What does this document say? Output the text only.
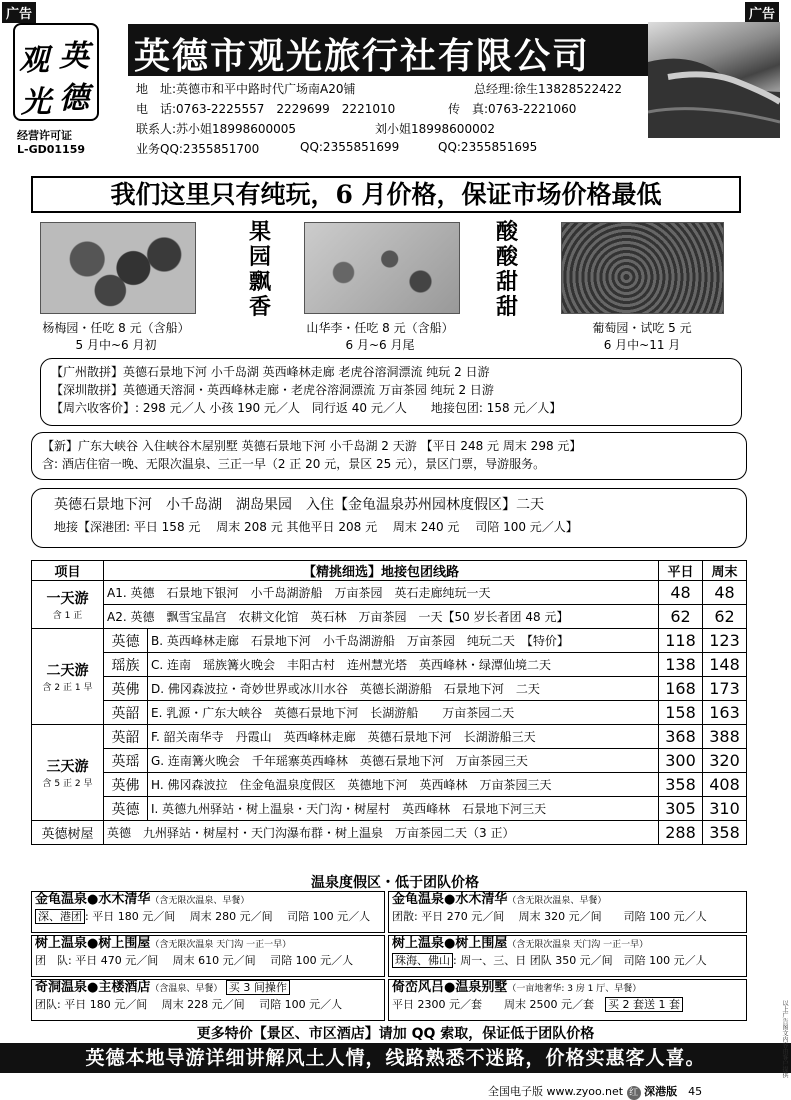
广告	广告
观 英
光 德
经营许可证
L-GD01159
英德市观光旅行社有限公司
地　址:英德市和平中路时代广场南A20铺	总经理:徐生13828522422
电　话:0763-2225557　2229699　2221010	传　真:0763-2221060
联系人:苏小姐18998600005	刘小姐18998600002
业务QQ:2355851700	QQ:2355851699	QQ:2355851695
我们这里只有纯玩，6 月价格，保证市场价格最低
果园飘香
酸酸甜甜
杨梅园・任吃 8 元（含船）
5 月中~6 月初
山华李・任吃 8 元（含船）
6 月~6 月尾
葡萄园・试吃 5 元
6 月中~11 月
【广州散拼】英德石景地下河 小千岛湖 英西峰林走廊 老虎谷溶洞漂流 纯玩 2 日游
【深圳散拼】英德通天溶洞・英西峰林走廊・老虎谷溶洞漂流 万亩茶园 纯玩 2 日游
【周六收客价】: 298 元／人 小孩 190 元／人　同行返 40 元／人　　地接包团: 158 元／人】
【新】广东大峡谷 入住峡谷木屋别墅 英德石景地下河 小千岛湖 2 天游 【平日 248 元 周末 298 元】
含: 酒店住宿一晚、无限次温泉、三正一早（2 正 20 元，景区 25 元），景区门票，导游服务。
英德石景地下河　小千岛湖　湖岛果园　入住【金龟温泉苏州园林度假区】二天
地接【深港团: 平日 158 元　 周末 208 元 其他平日 208 元　 周末 240 元　 司陪 100 元／人】
项目	【精挑细选】地接包团线路		平日	周末
一天游
含 1 正	A1. 英德　石景地下银河　小千岛湖游船　万亩茶园　英石走廊纯玩一天		48	48
	A2. 英德　飘雪宝晶宫　农耕文化馆　英石林　万亩茶园　一天【50 岁长者团 48 元】		62	62
二天游
含 2 正 1 早	英德	B. 英西峰林走廊　石景地下河　小千岛湖游船　万亩茶园　纯玩二天　【特价】	118	123
	瑶族	C. 连南　瑶族篝火晚会　丰阳古村　连州慧光塔　英西峰林・绿潭仙境二天	138	148
	英佛	D. 佛冈森波拉・奇妙世界或冰川水谷　英德长湖游船　石景地下河　二天	168	173
	英韶	E. 乳源・广东大峡谷　英德石景地下河　长湖游船　　万亩茶园二天	158	163
三天游
含 5 正 2 早	英韶	F. 韶关南华寺　丹霞山　英西峰林走廊　英德石景地下河　长湖游船三天	368	388
	英瑶	G. 连南篝火晚会　千年瑶寨英西峰林　英德石景地下河　万亩茶园三天	300	320
	英佛	H. 佛冈森波拉　住金龟温泉度假区　英德地下河　英西峰林　万亩茶园三天	358	408
	英德	I. 英德九州驿站・树上温泉・天门沟・树屋村　英西峰林　石景地下河三天	305	310
英德树屋	英德　九州驿站・树屋村・天门沟瀑布群・树上温泉　万亩茶园二天（3 正）		288	358
温泉度假区・低于团队价格
金龟温泉●水木清华（含无限次温泉、早餐）
深、港团 : 平日 180 元／间　 周末 280 元／间　 司陪 100 元／人
金龟温泉●水木清华（含无限次温泉、早餐）
团散: 平日 270 元／间　 周末 320 元／间　　司陪 100 元／人
树上温泉●树上围屋（含无限次温泉 天门沟 一正一早）
团　队: 平日 470 元／间　 周末 610 元／间　 司陪 100 元／人
树上温泉●树上围屋（含无限次温泉 天门沟 一正一早）
珠海、佛山 : 周一、三、日 团队 350 元／间　司陪 100 元／人
奇洞温泉●主楼酒店（含温泉、早餐） 买 3 间操作
团队: 平日 180 元／间　 周末 228 元／间　 司陪 100 元／人
倚峦风吕●温泉别墅（一亩地奢华: 3 房 1 厅、早餐）
平日 2300 元／套　　周末 2500 元／套　 买 2 套送 1 套
更多特价【景区、市区酒店】请加 QQ 索取，保证低于团队价格
英德本地导游详细讲解风土人情，线路熟悉不迷路，价格实惠客人喜。
全国电子版 www.zyoo.net 红 深港版　 45
以上广告图文内容由客户提供
